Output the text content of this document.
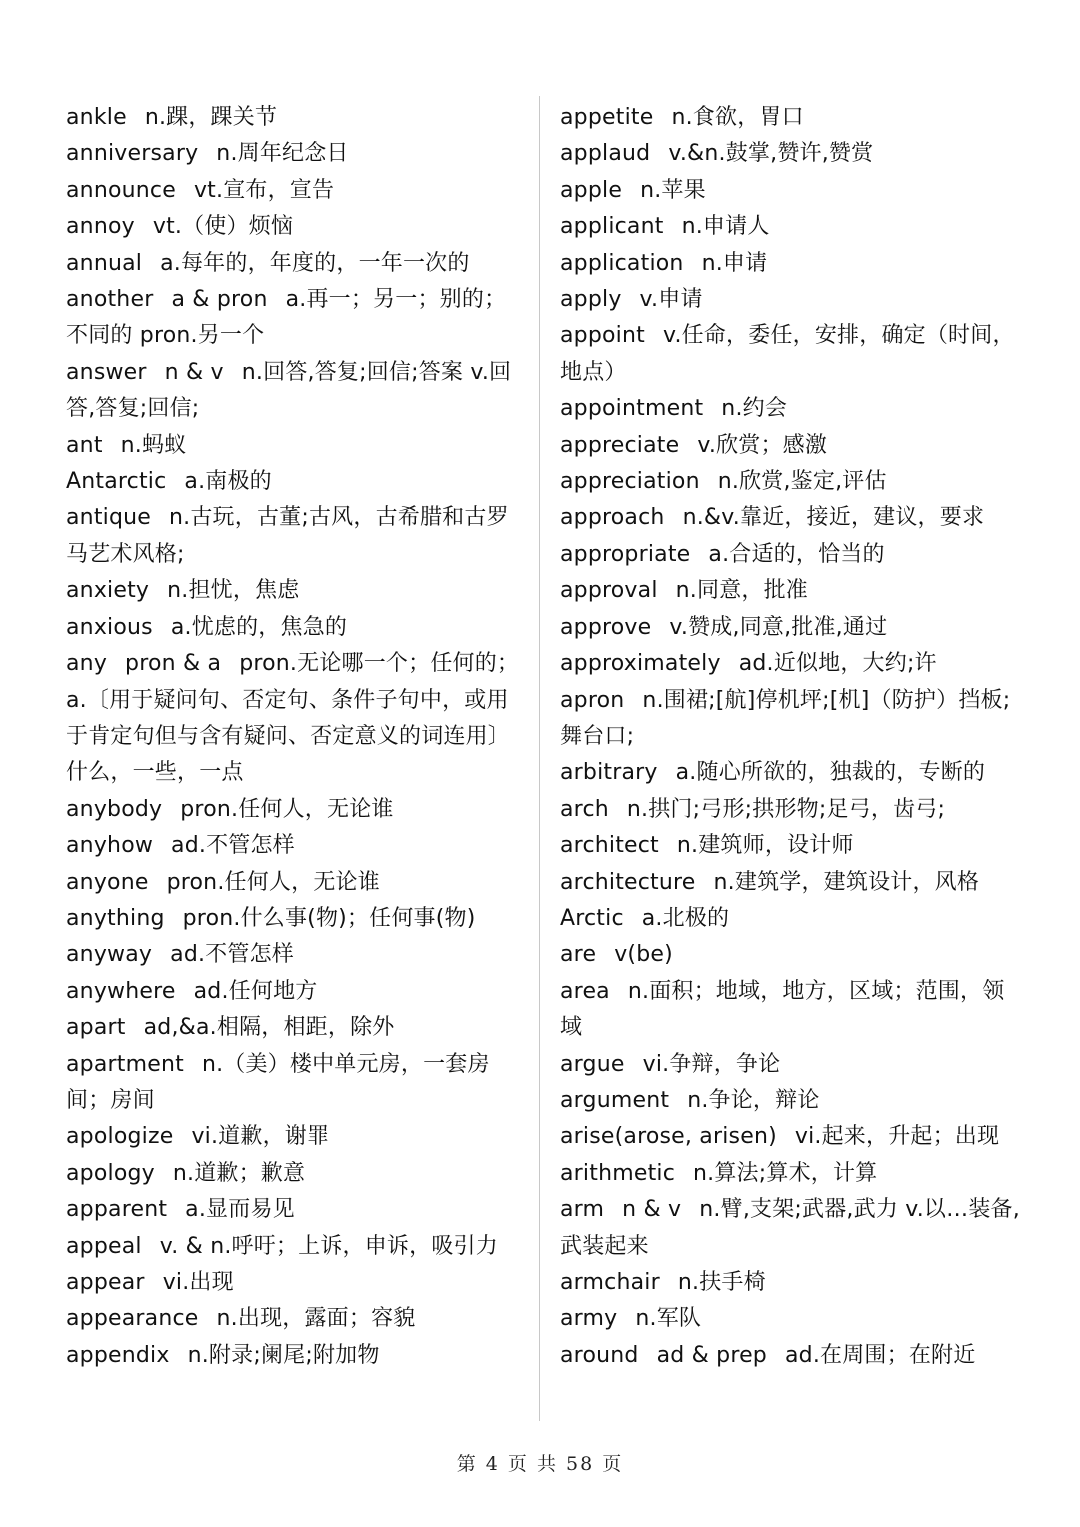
ankle n.踝，踝关节
anniversary n.周年纪念日
announce vt.宣布，宣告
annoy vt.（使）烦恼
annual a.每年的，年度的，一年一次的
another a & pron a.再一；另一；别的；不同的 pron.另一个
answer n & v n.回答,答复;回信;答案 v.回答,答复;回信;
ant n.蚂蚁
Antarctic a.南极的
antique n.古玩，古董;古风，古希腊和古罗马艺术风格;
anxiety n.担忧，焦虑
anxious a.忧虑的，焦急的
any pron & a pron.无论哪一个；任何的；a.〔用于疑问句、否定句、条件子句中，或用于肯定句但与含有疑问、否定意义的词连用〕什么，一些，一点
anybody pron.任何人，无论谁
anyhow ad.不管怎样
anyone pron.任何人，无论谁
anything pron.什么事(物)；任何事(物)
anyway ad.不管怎样
anywhere ad.任何地方
apart ad,&a.相隔，相距，除外
apartment n.（美）楼中单元房，一套房间；房间
apologize vi.道歉，谢罪
apology n.道歉；歉意
apparent a.显而易见
appeal v. & n.呼吁；上诉，申诉，吸引力
appear vi.出现
appearance n.出现，露面；容貌
appendix n.附录;阑尾;附加物
appetite n.食欲，胃口
applaud v.&n.鼓掌,赞许,赞赏
apple n.苹果
applicant n.申请人
application n.申请
apply v.申请
appoint v.任命，委任，安排，确定（时间，地点）
appointment n.约会
appreciate v.欣赏；感激
appreciation n.欣赏,鉴定,评估
approach n.&v.靠近，接近，建议，要求
appropriate a.合适的，恰当的
approval n.同意，批准
approve v.赞成,同意,批准,通过
approximately ad.近似地，大约;许
apron n.围裙;[航]停机坪;[机]（防护）挡板;舞台口;
arbitrary a.随心所欲的，独裁的，专断的
arch n.拱门;弓形;拱形物;足弓，齿弓;
architect n.建筑师，设计师
architecture n.建筑学，建筑设计，风格
Arctic a.北极的
are v(be)
area n.面积；地域，地方，区域；范围，领域
argue vi.争辩，争论
argument n.争论，辩论
arise(arose, arisen) vi.起来，升起；出现
arithmetic n.算法;算术，计算
arm n & v n.臂,支架;武器,武力 v.以…装备,武装起来
armchair n.扶手椅
army n.军队
around ad & prep ad.在周围；在附近
第 4 页 共 58 页
